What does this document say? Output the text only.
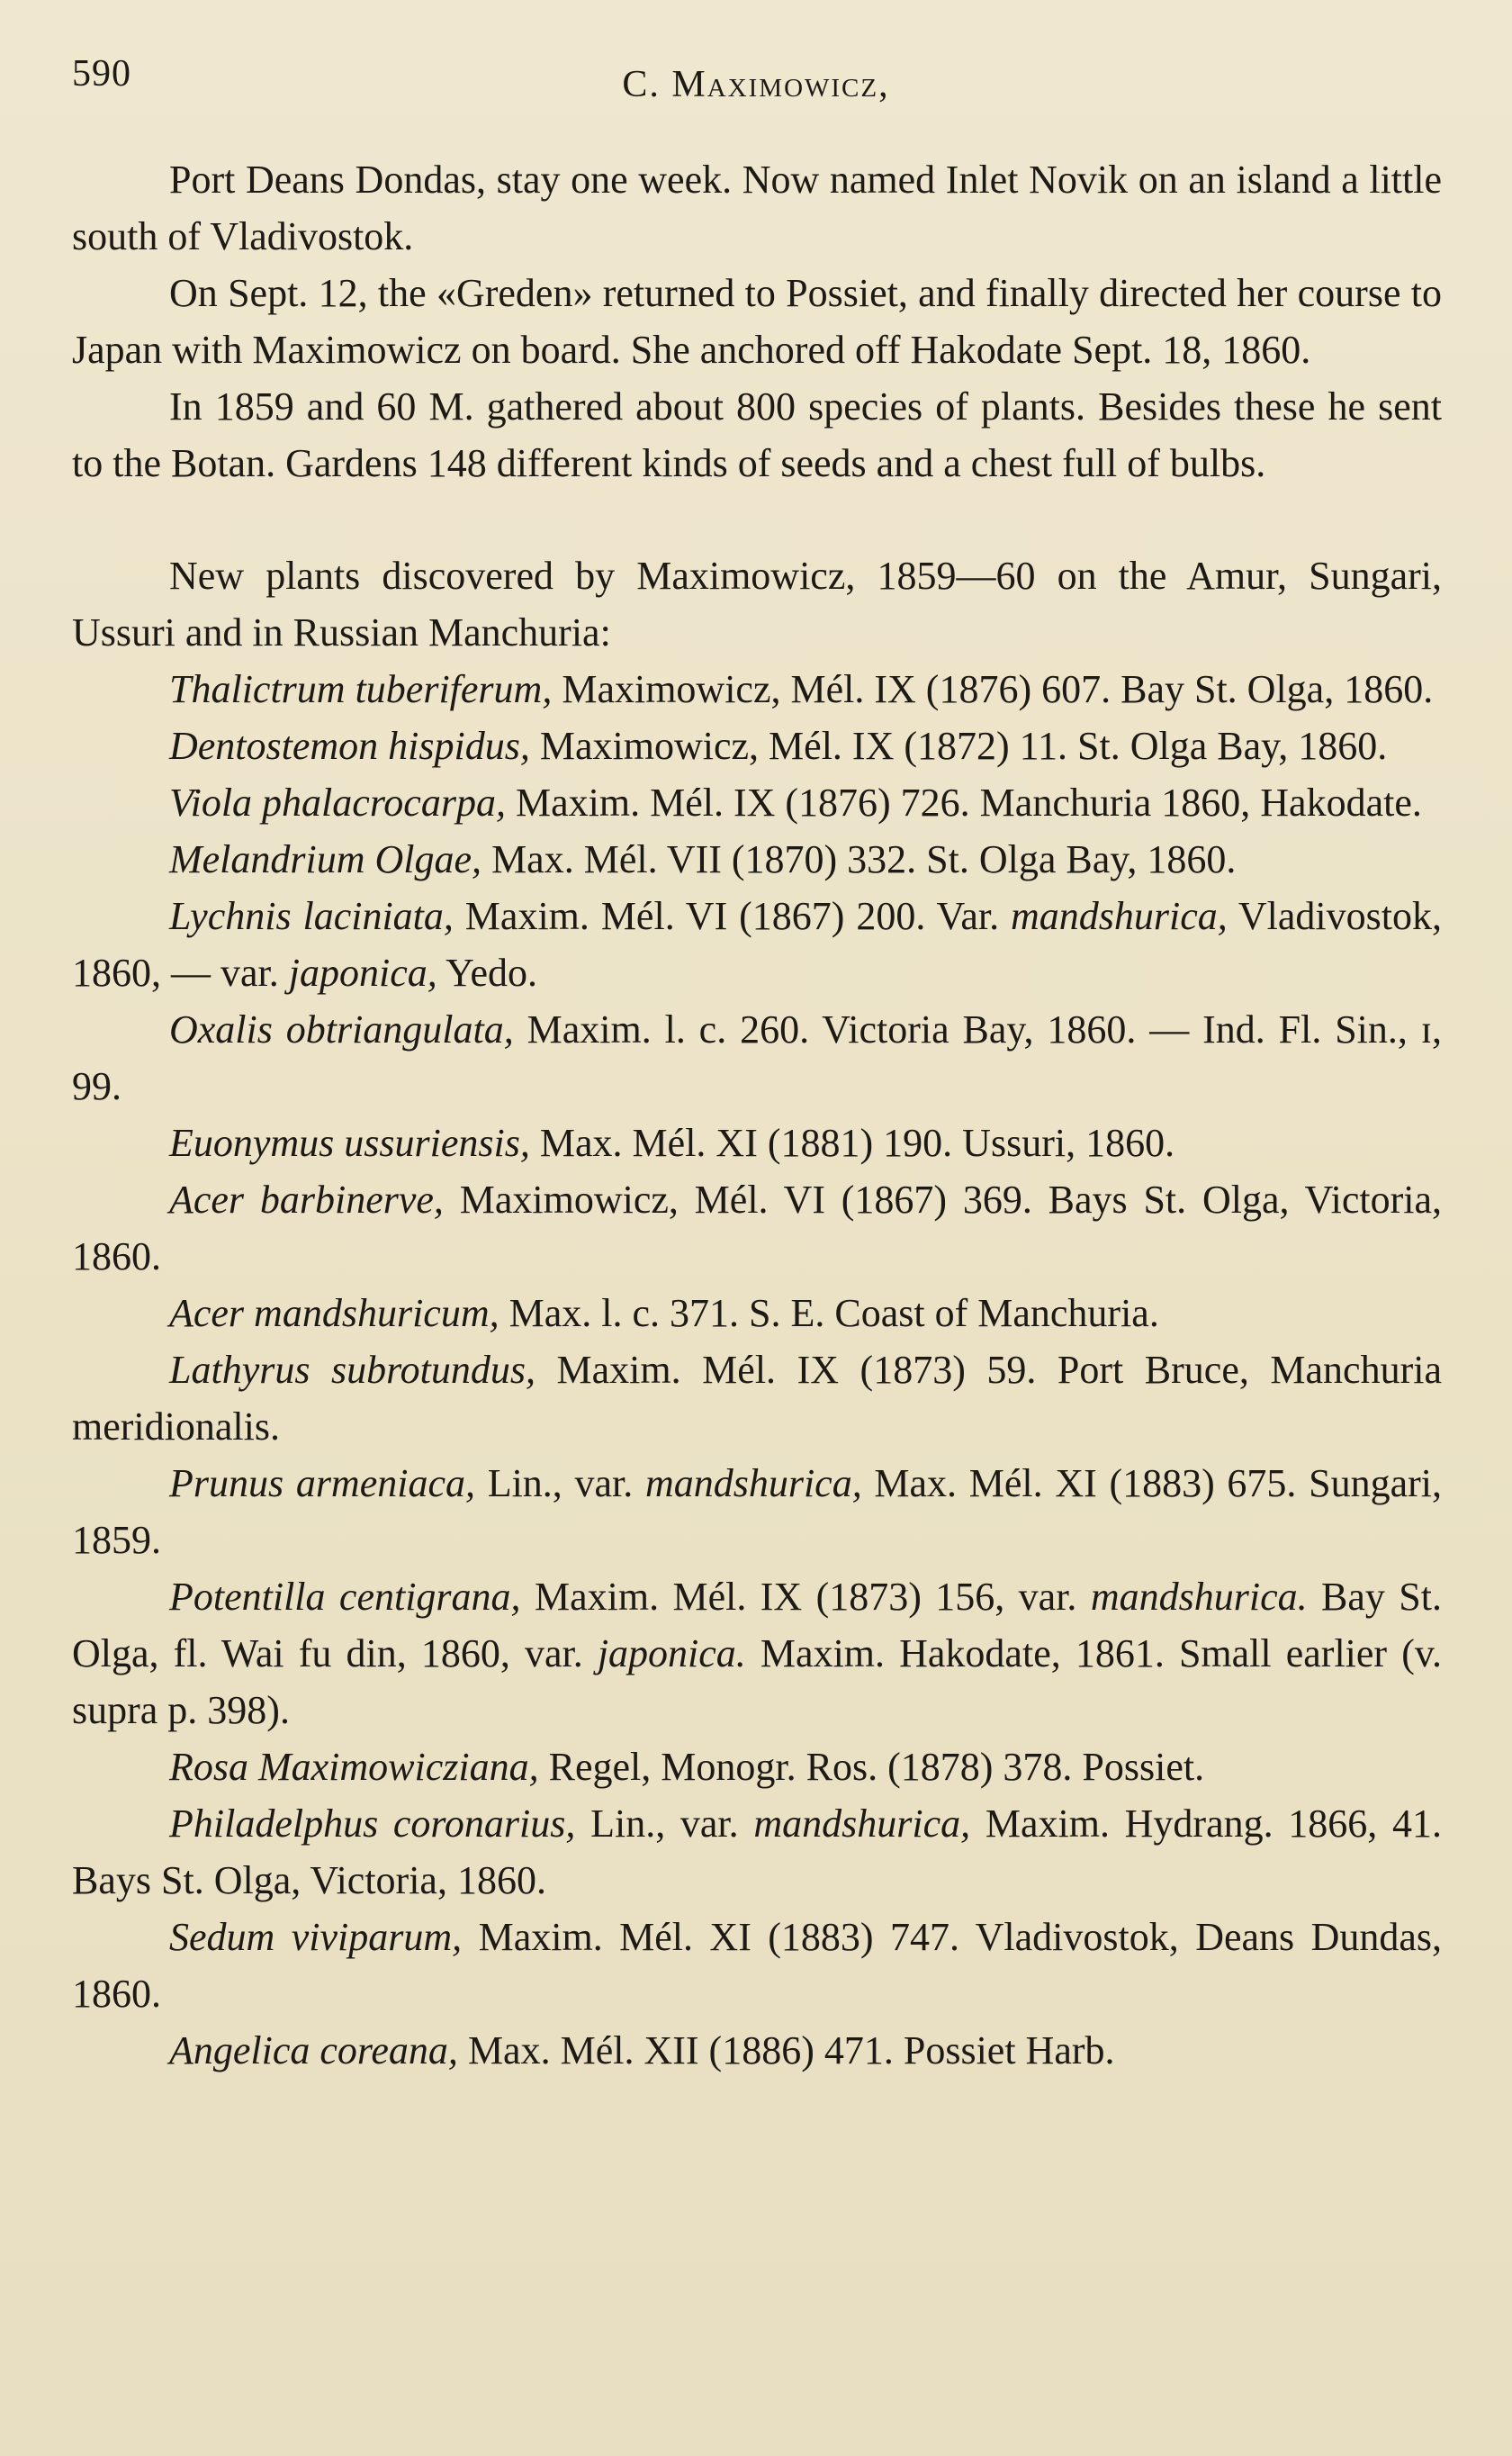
590	C. Maximowicz,

Port Deans Dondas, stay one week. Now named Inlet Novik on an island a little south of Vladivostok.

On Sept. 12, the «Greden» returned to Possiet, and finally directed her course to Japan with Maximowicz on board. She anchored off Hakodate Sept. 18, 1860.

In 1859 and 60 M. gathered about 800 species of plants. Besides these he sent to the Botan. Gardens 148 different kinds of seeds and a chest full of bulbs.

New plants discovered by Maximowicz, 1859—60 on the Amur, Sungari, Ussuri and in Russian Manchuria:

Thalictrum tuberiferum, Maximowicz, Mél. IX (1876) 607. Bay St. Olga, 1860.

Dentostemon hispidus, Maximowicz, Mél. IX (1872) 11. St. Olga Bay, 1860.

Viola phalacrocarpa, Maxim. Mél. IX (1876) 726. Manchuria 1860, Hakodate.

Melandrium Olgae, Max. Mél. VII (1870) 332. St. Olga Bay, 1860.

Lychnis laciniata, Maxim. Mél. VI (1867) 200. Var. mandshurica, Vladivostok, 1860, — var. japonica, Yedo.

Oxalis obtriangulata, Maxim. l. c. 260. Victoria Bay, 1860. — Ind. Fl. Sin., ɪ, 99.

Euonymus ussuriensis, Max. Mél. XI (1881) 190. Ussuri, 1860.

Acer barbinerve, Maximowicz, Mél. VI (1867) 369. Bays St. Olga, Victoria, 1860.

Acer mandshuricum, Max. l. c. 371. S. E. Coast of Manchuria.

Lathyrus subrotundus, Maxim. Mél. IX (1873) 59. Port Bruce, Manchuria meridionalis.

Prunus armeniaca, Lin., var. mandshurica, Max. Mél. XI (1883) 675. Sungari, 1859.

Potentilla centigrana, Maxim. Mél. IX (1873) 156, var. mandshurica. Bay St. Olga, fl. Wai fu din, 1860, var. japonica. Maxim. Hakodate, 1861. Small earlier (v. supra p. 398).

Rosa Maximowicziana, Regel, Monogr. Ros. (1878) 378. Possiet.

Philadelphus coronarius, Lin., var. mandshurica, Maxim. Hydrang. 1866, 41. Bays St. Olga, Victoria, 1860.

Sedum viviparum, Maxim. Mél. XI (1883) 747. Vladivostok, Deans Dundas, 1860.

Angelica coreana, Max. Mél. XII (1886) 471. Possiet Harb.
